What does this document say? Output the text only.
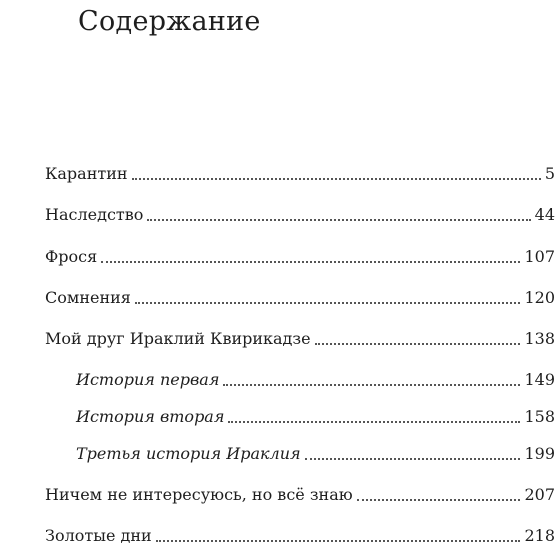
Содержание
Карантин	5
Наследство	44
Фрося	107
Сомнения	120
Мой друг Ираклий Квирикадзе	138
История первая	149
История вторая	158
Третья история Ираклия	199
Ничем не интересуюсь, но всё знаю	207
Золотые дни	218
